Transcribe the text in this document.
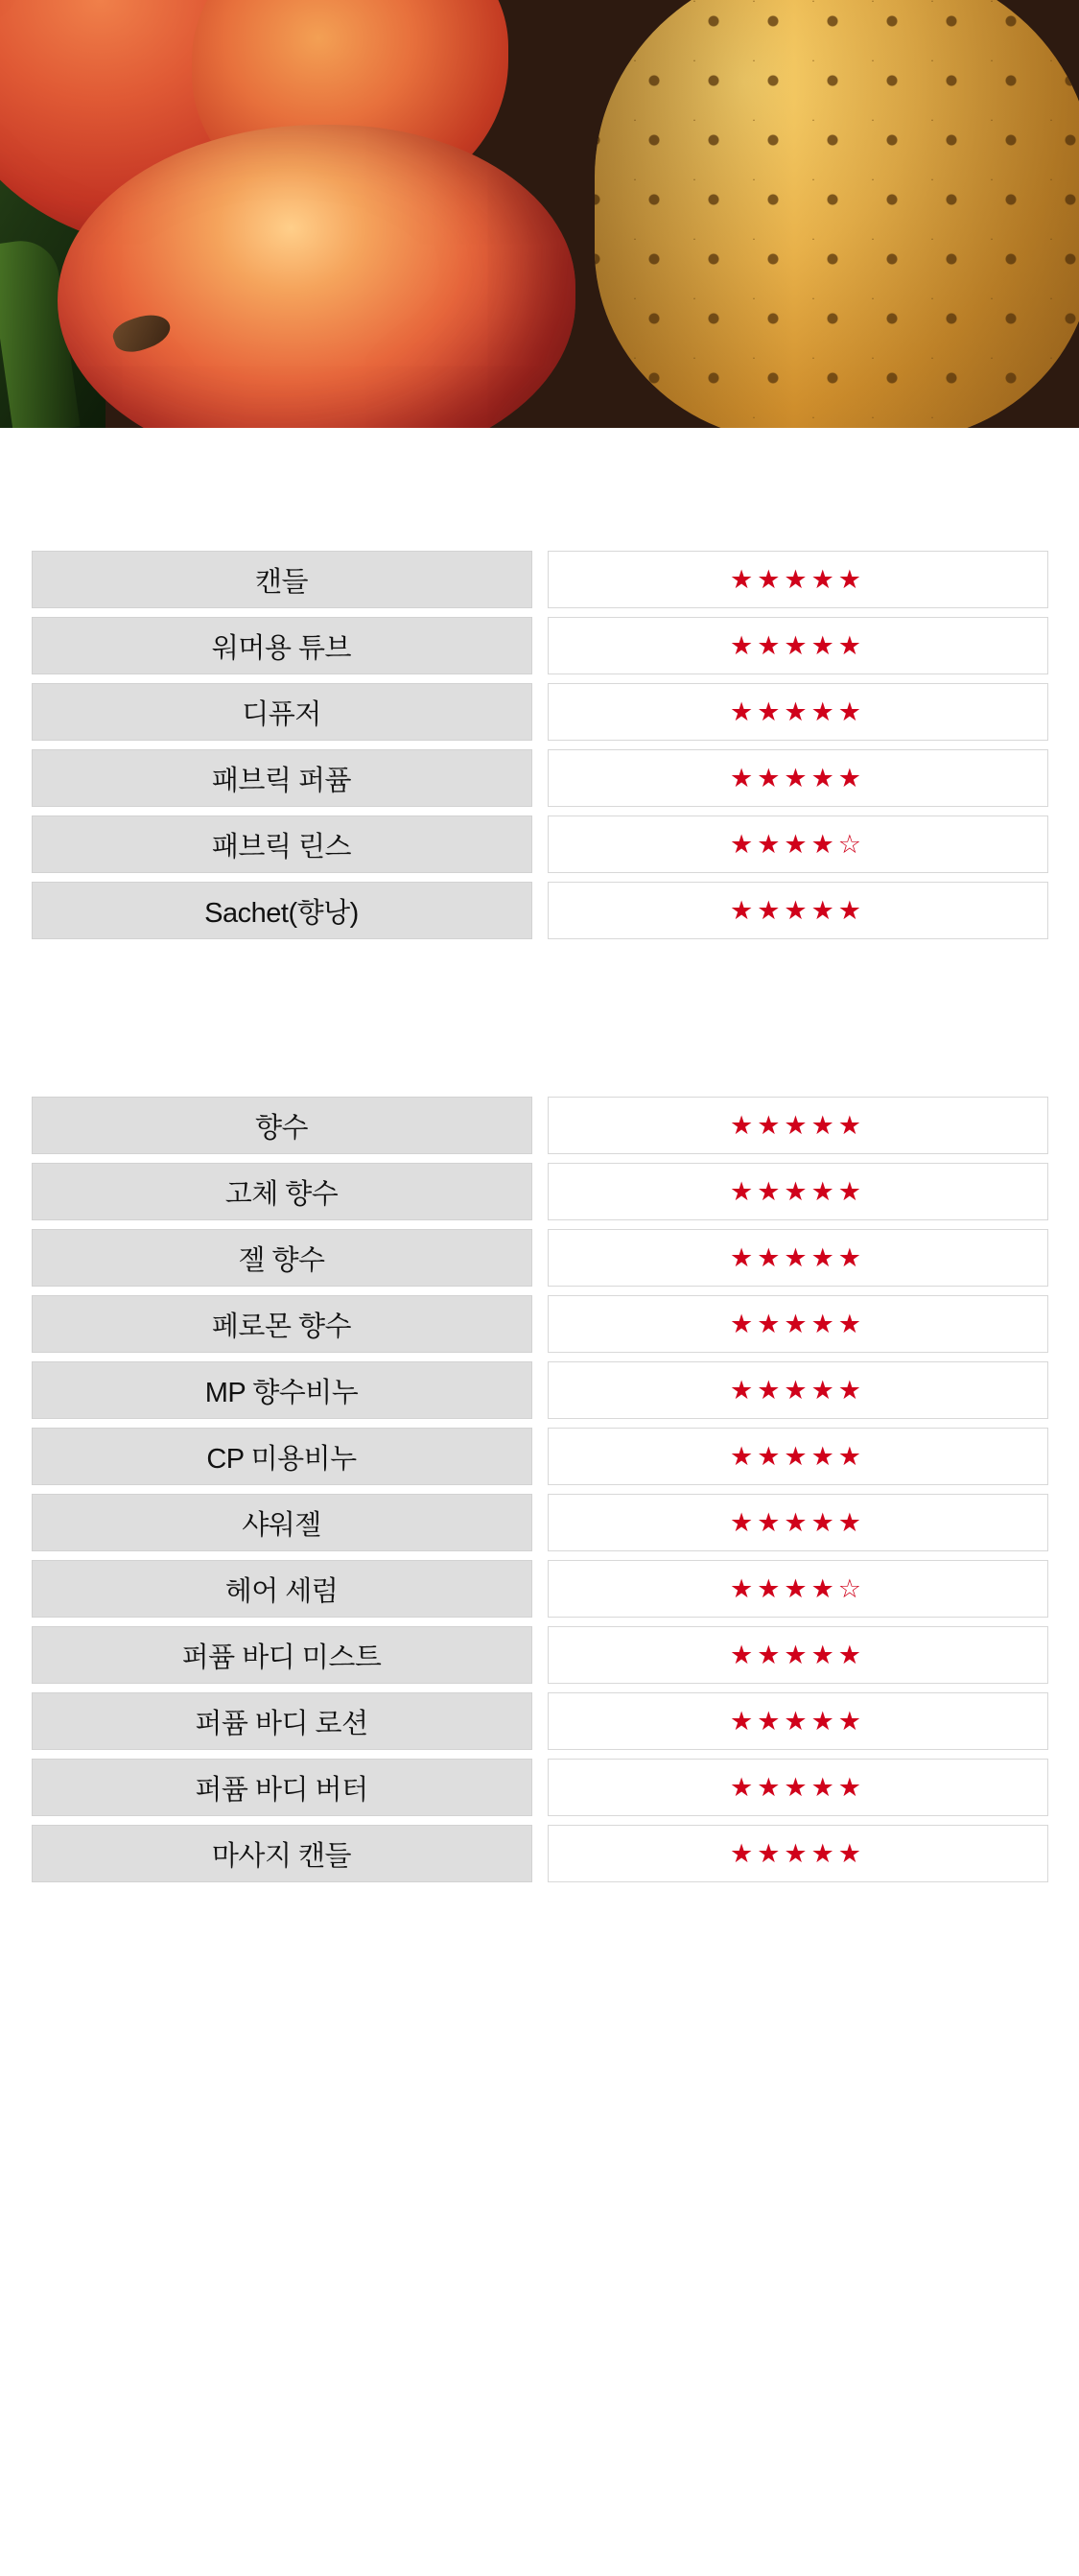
캔들	★★★★★
워머용 튜브	★★★★★
디퓨저	★★★★★
패브릭 퍼퓸	★★★★★
패브릭 린스	★★★★☆
Sachet(향낭)	★★★★★
향수	★★★★★
고체 향수	★★★★★
젤 향수	★★★★★
페로몬 향수	★★★★★
MP 향수비누	★★★★★
CP 미용비누	★★★★★
샤워젤	★★★★★
헤어 세럼	★★★★☆
퍼퓸 바디 미스트	★★★★★
퍼퓸 바디 로션	★★★★★
퍼퓸 바디 버터	★★★★★
마사지 캔들	★★★★★
